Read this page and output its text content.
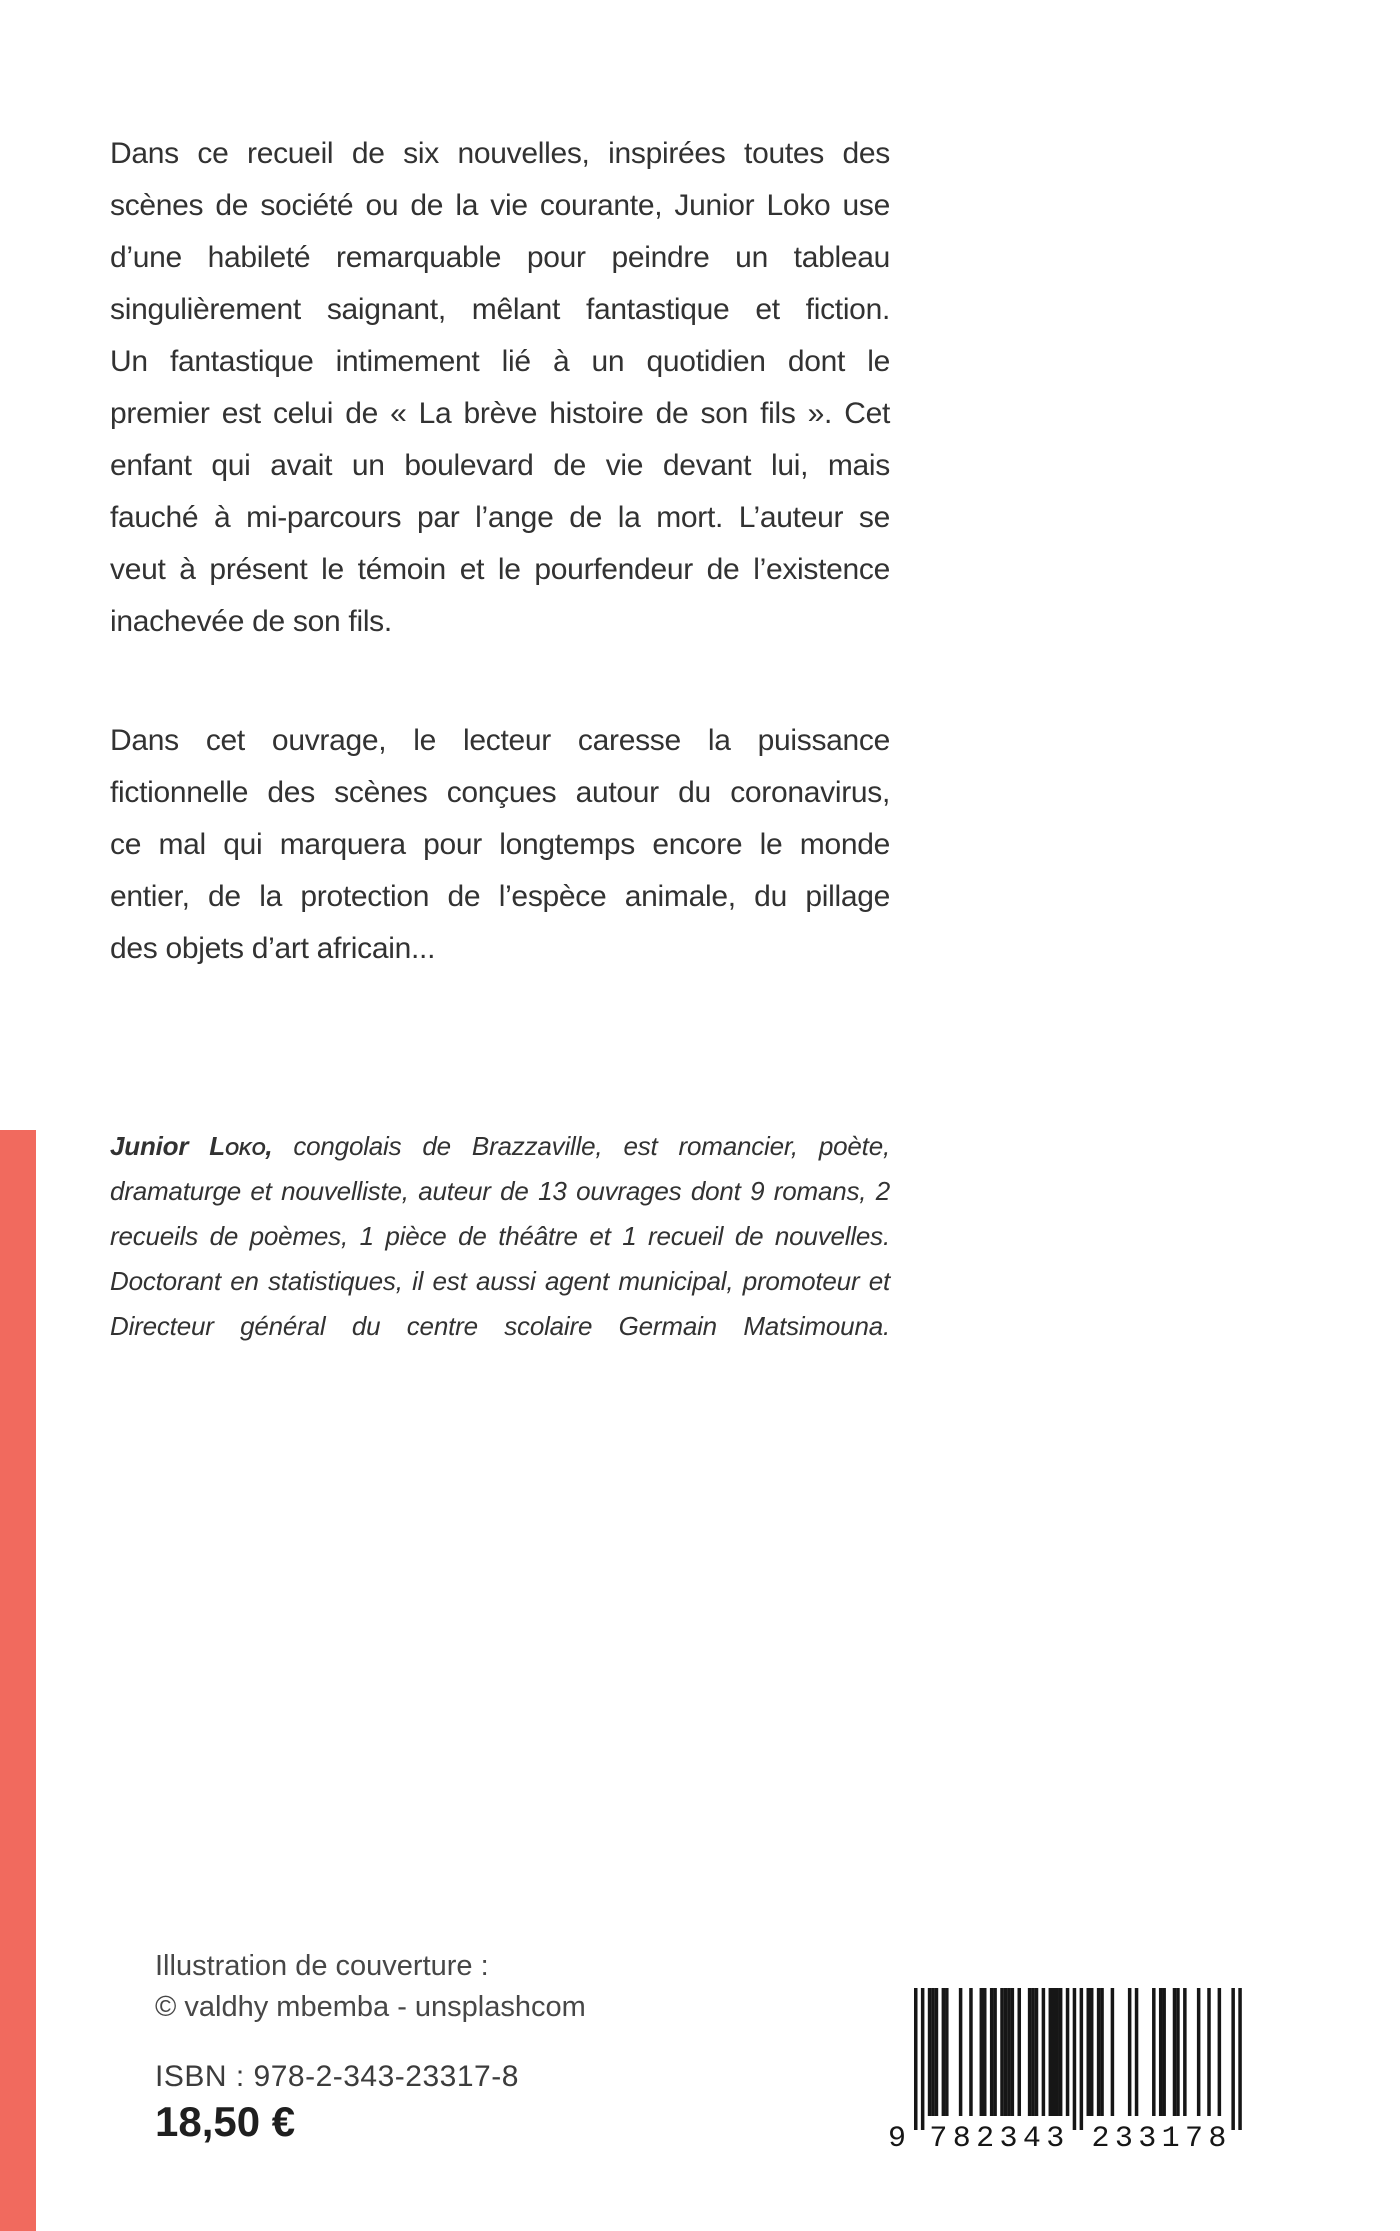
Dans ce recueil de six nouvelles, inspirées toutes des
scènes de société ou de la vie courante, Junior Loko use
d’une habileté remarquable pour peindre un tableau
singulièrement saignant, mêlant fantastique et fiction.
Un fantastique intimement lié à un quotidien dont le
premier est celui de « La brève histoire de son fils ». Cet
enfant qui avait un boulevard de vie devant lui, mais
fauché à mi-parcours par l’ange de la mort. L’auteur se
veut à présent le témoin et le pourfendeur de l’existence
inachevée de son fils.
Dans cet ouvrage, le lecteur caresse la puissance
fictionnelle des scènes conçues autour du coronavirus,
ce mal qui marquera pour longtemps encore le monde
entier, de la protection de l’espèce animale, du pillage
des objets d’art africain...
Junior Loko, congolais de Brazzaville, est romancier, poète,
dramaturge et nouvelliste, auteur de 13 ouvrages dont 9 romans, 2
recueils de poèmes, 1 pièce de théâtre et 1 recueil de nouvelles.
Doctorant en statistiques, il est aussi agent municipal, promoteur et
Directeur général du centre scolaire Germain Matsimouna.
Illustration de couverture :
© valdhy mbemba - unsplashcom
ISBN : 978-2-343-23317-8
18,50 €	9 782343 233178
